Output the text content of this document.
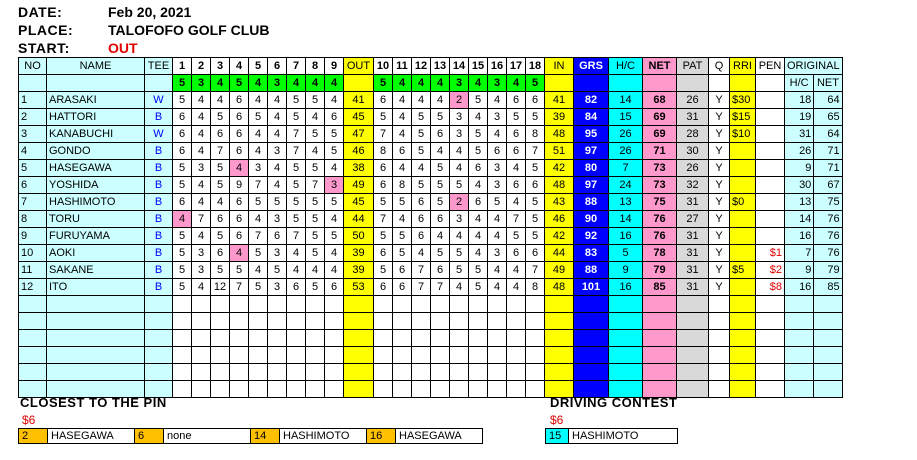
DATE:	Feb 20, 2021
PLACE: TALOFOFO GOLF CLUB
START:	OUT
NO	NAME	TEE	1	2	3	4	5	6	7	8	9	OUT	10	11	12	13	14	15	16	17	18	IN	GRS	H/C	NET	PAT	Q	RRI	PEN	ORIGINAL	
			5	3	4	5	4	3	4	4	4		5	4	4	4	3	4	3	4	5									H/C	NET
1	ARASAKI	W	5	4	4	6	4	4	5	5	4	41	6	4	4	4	2	5	4	6	6	41	82	14	68	26	Y	$30		18	64
2	HATTORI	B	6	4	5	6	5	4	5	4	6	45	5	4	5	5	3	4	3	5	5	39	84	15	69	31	Y	$15		19	65
3	KANABUCHI	W	6	4	6	6	4	4	7	5	5	47	7	4	5	6	3	5	4	6	8	48	95	26	69	28	Y	$10		31	64
4	GONDO	B	6	4	7	6	4	3	7	4	5	46	8	6	5	4	4	5	6	6	7	51	97	26	71	30	Y			26	71
5	HASEGAWA	B	5	3	5	4	3	4	5	5	4	38	6	4	4	5	4	6	3	4	5	42	80	7	73	26	Y			9	71
6	YOSHIDA	B	5	4	5	9	7	4	5	7	3	49	6	8	5	5	5	4	3	6	6	48	97	24	73	32	Y			30	67
7	HASHIMOTO	B	6	4	4	6	5	5	5	5	5	45	5	5	6	5	2	6	5	4	5	43	88	13	75	31	Y	$0		13	75
8	TORU	B	4	7	6	6	4	3	5	5	4	44	7	4	6	6	3	4	4	7	5	46	90	14	76	27	Y			14	76
9	FURUYAMA	B	5	4	5	6	7	6	7	5	5	50	5	5	6	4	4	4	4	5	5	42	92	16	76	31	Y			16	76
10	AOKI	B	5	3	6	4	5	3	4	5	4	39	6	5	4	5	5	4	3	6	6	44	83	5	78	31	Y		$1	7	76
11	SAKANE	B	5	3	5	5	4	5	4	4	4	39	5	6	7	6	5	5	4	4	7	49	88	9	79	31	Y	$5	$2	9	79
12	ITO	B	5	4	12	7	5	3	6	5	6	53	6	6	7	7	4	5	4	4	8	48	101	16	85	31	Y		$8	16	85

CLOSEST TO THE PIN
$6
2	HASEGAWA	6	none	14	HASHIMOTO	16	HASEGAWA
DRIVING CONTEST
$6
15	HASHIMOTO
